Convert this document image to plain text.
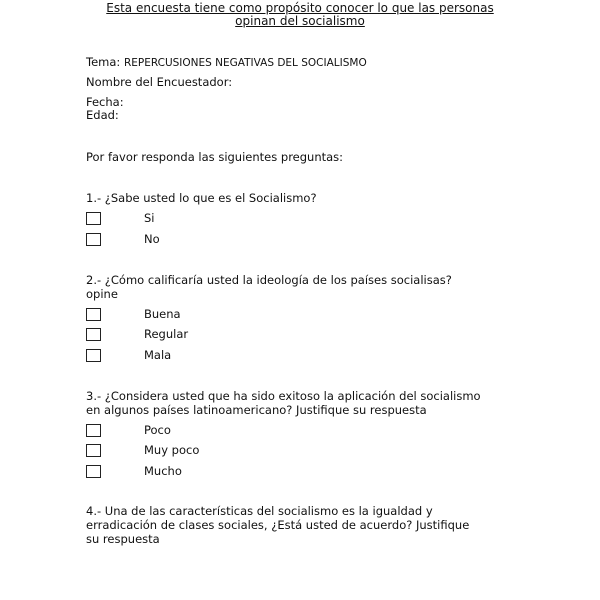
Esta encuesta tiene como propósito conocer lo que las personas
opinan del socialismo
Tema: REPERCUSIONES NEGATIVAS DEL SOCIALISMO
Nombre del Encuestador:
Fecha:
Edad:
Por favor responda las siguientes preguntas:
1.- ¿Sabe usted lo que es el Socialismo?
Si
No
2.- ¿Cómo calificaría usted la ideología de los países socialisas?
opine
Buena
Regular
Mala
3.- ¿Considera usted que ha sido exitoso la aplicación del socialismo
en algunos países latinoamericano? Justifique su respuesta
Poco
Muy poco
Mucho
4.- Una de las características del socialismo es la igualdad y
erradicación de clases sociales, ¿Está usted de acuerdo? Justifique
su respuesta
